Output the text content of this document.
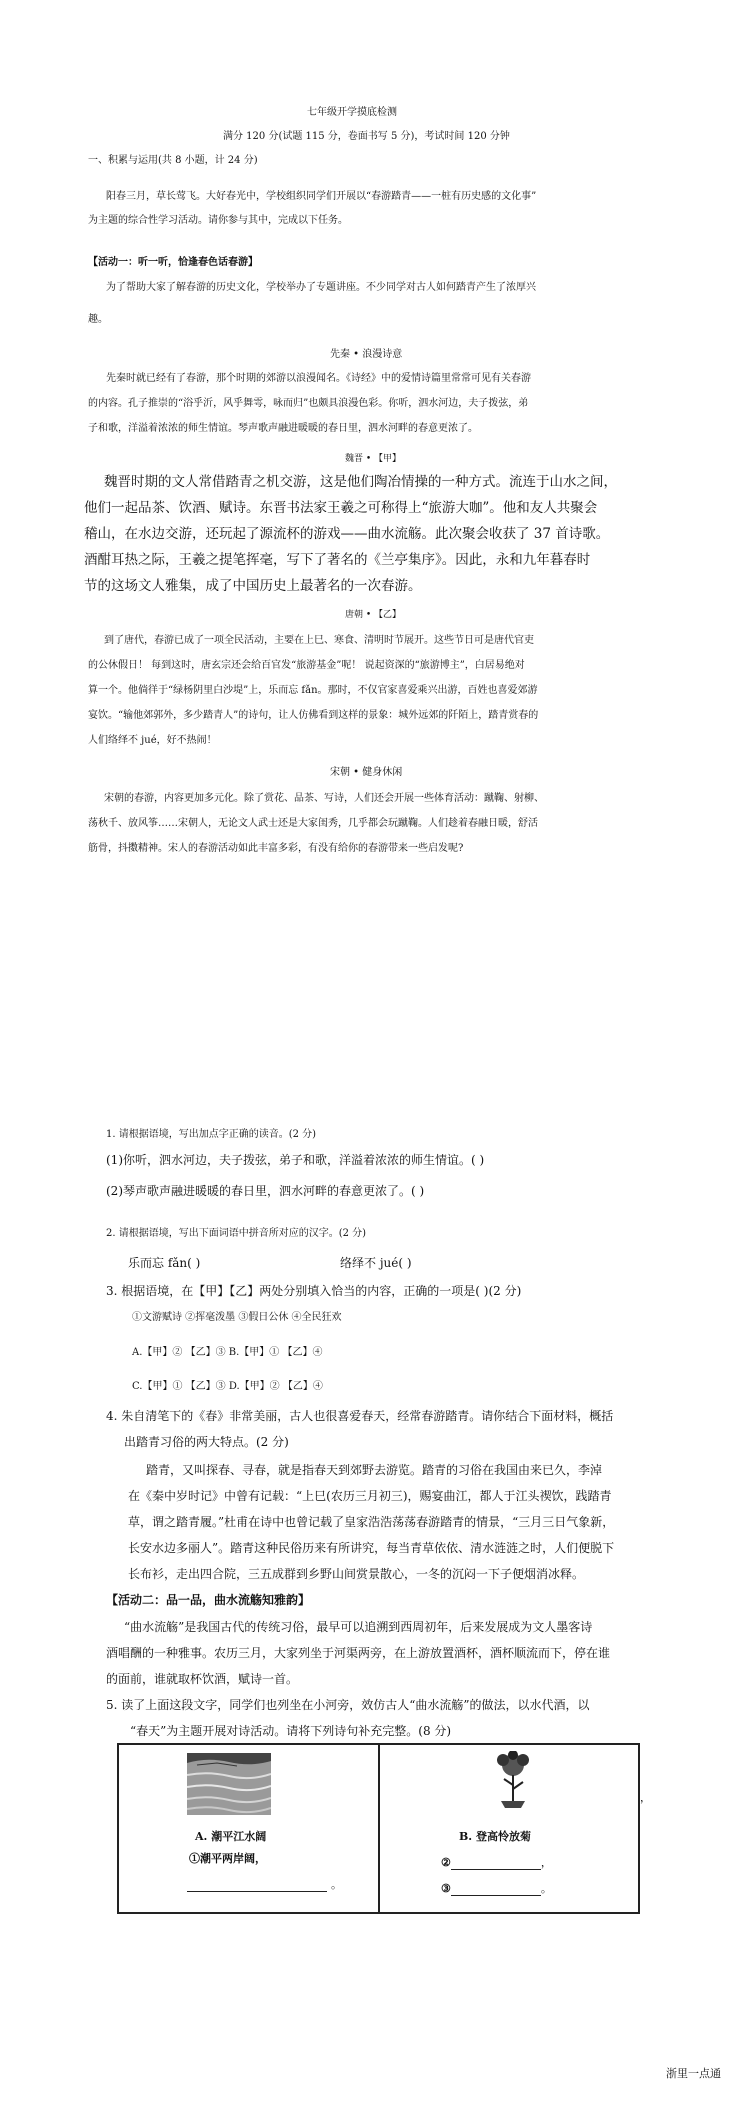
七年级开学摸底检测

满分 120 分(试题 115 分，卷面书写 5 分)，考试时间 120 分钟

一、积累与运用(共 8 小题，计 24 分)

阳春三月，草长莺飞。大好春光中，学校组织同学们开展以“春游踏青——一桩有历史感的文化事”

为主题的综合性学习活动。请你参与其中，完成以下任务。

【活动一：听一听，恰逢春色话春游】

为了帮助大家了解春游的历史文化，学校举办了专题讲座。不少同学对古人如何踏青产生了浓厚兴

趣。

先秦 • 浪漫诗意

先秦时就已经有了春游，那个时期的郊游以浪漫闻名。《诗经》中的爱情诗篇里常常可见有关春游

的内容。孔子推崇的“浴乎沂，风乎舞雩，咏而归”也颇具浪漫色彩。你听，泗水河边，夫子拨弦，弟

子和歌，洋溢着浓浓的师生情谊。琴声歌声融进暖暖的春日里，泗水河畔的春意更浓了。

魏晋 • 【甲】

魏晋时期的文人常借踏青之机交游，这是他们陶冶情操的一种方式。流连于山水之间，

他们一起品茶、饮酒、赋诗。东晋书法家王羲之可称得上“旅游大咖”。他和友人共聚会

稽山，在水边交游，还玩起了源流杯的游戏——曲水流觞。此次聚会收获了 37 首诗歌。

酒酣耳热之际，王羲之提笔挥毫，写下了著名的《兰亭集序》。因此，永和九年暮春时

节的这场文人雅集，成了中国历史上最著名的一次春游。

唐朝 • 【乙】

到了唐代，春游已成了一项全民活动，主要在上巳、寒食、清明时节展开。这些节日可是唐代官吏

的公休假日！ 每到这时，唐玄宗还会给百官发“旅游基金”呢！ 说起资深的“旅游博主”，白居易绝对

算一个。他倘徉于“绿杨阴里白沙堤”上，乐而忘 fǎn。那时，不仅官家喜爱乘兴出游，百姓也喜爱郊游

宴饮。“输他郊郭外，多少踏青人”的诗句，让人仿佛看到这样的景象：城外远郊的阡陌上，踏青赏春的

人们络绎不 jué，好不热闹！

宋朝 • 健身休闲

宋朝的春游，内容更加多元化。除了赏花、品茶、写诗，人们还会开展一些体育活动：蹴鞠、射柳、

荡秋千、放风筝……宋朝人，无论文人武士还是大家闺秀，几乎都会玩蹴鞠。人们趁着春融日暖，舒活

筋骨，抖擞精神。宋人的春游活动如此丰富多彩，有没有给你的春游带来一些启发呢?

1. 请根据语境，写出加点字正确的读音。(2 分)

(1)你听，泗水河边，夫子拨弦，弟子和歌，洋溢着浓浓的师生情谊。( )

(2)琴声歌声融进暖暖的春日里，泗水河畔的春意更浓了。( )

2. 请根据语境，写出下面词语中拼音所对应的汉字。(2 分)

乐而忘 fǎn( )	络绎不 jué( )

3. 根据语境，在【甲】【乙】两处分别填入恰当的内容，正确的一项是( )(2 分)

①文游赋诗 ②挥毫泼墨 ③假日公休 ④全民狂欢

A.【甲】② 【乙】③ B.【甲】① 【乙】④

C.【甲】① 【乙】③ D.【甲】② 【乙】④

4. 朱自清笔下的《春》非常美丽，古人也很喜爱春天，经常春游踏青。请你结合下面材料，概括

出踏青习俗的两大特点。(2 分)

踏青，又叫探春、寻春，就是指春天到郊野去游览。踏青的习俗在我国由来已久，李淖

在《秦中岁时记》中曾有记载：“上巳(农历三月初三)，赐宴曲江，都人于江头禊饮，践踏青

草，谓之踏青履。”杜甫在诗中也曾记载了皇家浩浩荡荡春游踏青的情景，“三月三日气象新，

长安水边多丽人”。踏青这种民俗历来有所讲究，每当青草依依、清水涟涟之时，人们便脱下

长布衫，走出四合院，三五成群到乡野山间赏景散心，一冬的沉闷一下子便烟消冰释。

【活动二：品一品，曲水流觞知雅韵】

“曲水流觞”是我国古代的传统习俗，最早可以追溯到西周初年，后来发展成为文人墨客诗

酒唱酬的一种雅事。农历三月，大家列坐于河渠两旁，在上游放置酒杯，酒杯顺流而下，停在谁

的面前，谁就取杯饮酒，赋诗一首。

5. 读了上面这段文字，同学们也列坐在小河旁，效仿古人“曲水流觞”的做法，以水代酒，以

“春天”为主题开展对诗活动。请将下列诗句补充完整。(8 分)

A. 潮平江水阔

①潮平两岸阔，

。

B. 登高怜放菊

②	，
③	。

，

浙里一点通
